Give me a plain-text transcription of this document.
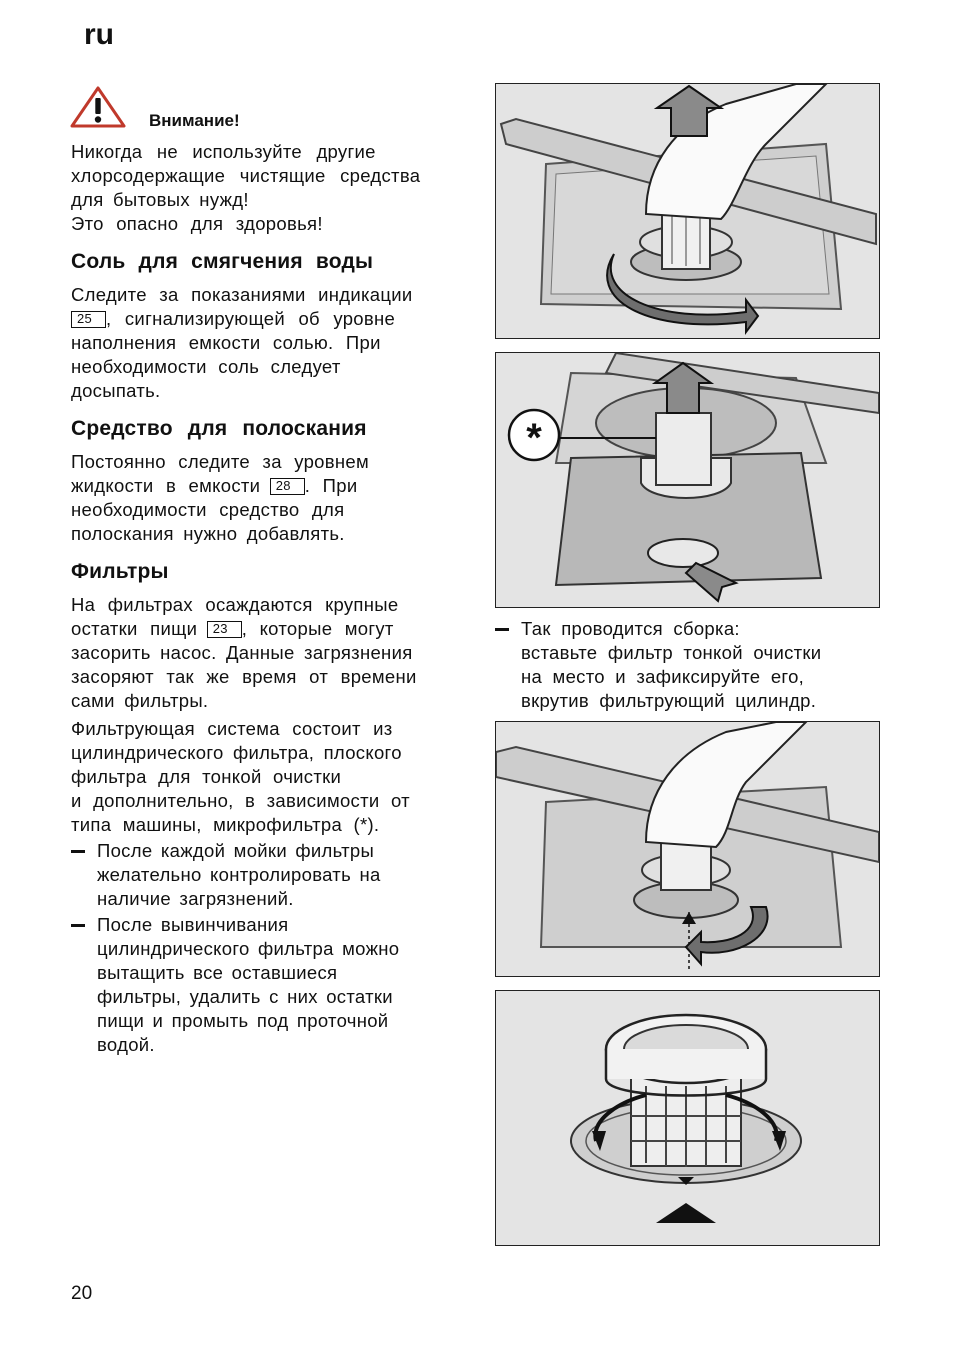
ru
Внимание!

Никогда не используйте другие

хлорсодержащие чистящие средства

для бытовых нужд!

Это опасно для здоровья!

Соль для смягчения воды

Следите за показаниями индикации

25 , сигнализирующей об уровне

наполнения емкости солью. При

необходимости соль следует

досыпать.

Средство для полоскания

Постоянно следите за уровнем

жидкости в емкости 28 . При

необходимости средство для

полоскания нужно добавлять.

Фильтры

На фильтрах осаждаются крупные

остатки пищи 23 , которые могут

засорить насос. Данные загрязнения

засоряют так же время от времени

сами фильтры.

Фильтрующая система состоит из

цилиндрического фильтра, плоского

фильтра для тонкой очистки

и дополнительно, в зависимости от

типа машины, микрофильтра (*).

После каждой мойки фильтры
желательно контролировать на
наличие загрязнений.
После вывинчивания
цилиндрического фильтра можно
вытащить все оставшиеся
фильтры, удалить с них остатки
пищи и промыть под проточной
водой.
Так проводится сборка:
вставьте фильтр тонкой очистки
на место и зафиксируйте его,
вкрутив фильтрующий цилиндр.
*
20
